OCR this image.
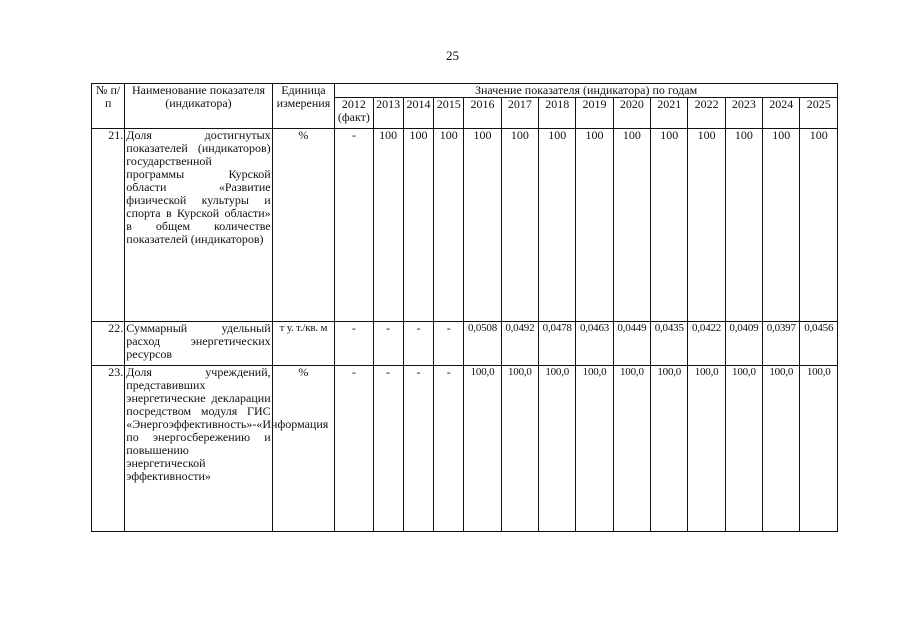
25
№ п/п	Наименование показателя (индикатора)	Единица измерения	Значение показателя (индикатора) по годам													
			2012 (факт)	2013	2014	2015	2016	2017	2018	2019	2020	2021	2022	2023	2024	2025
21.	Доля достигнутых показателей (индикаторов) государственной программы Курской области «Развитие физической культуры и спорта в Курской области» в общем количестве показателей (индикаторов)	%	-	100	100	100	100	100	100	100	100	100	100	100	100	100
22.	Суммарный удельный расход энергетических ресурсов	т у. т./кв. м	-	-	-	-	0,0508	0,0492	0,0478	0,0463	0,0449	0,0435	0,0422	0,0409	0,0397	0,0456
23.	Доля учреждений, представивших энергетические декларации посредством модуля ГИС «Энергоэффективность»-«Информация по энергосбережению и повышению энергетической эффективности»	%	-	-	-	-	100,0	100,0	100,0	100,0	100,0	100,0	100,0	100,0	100,0	100,0
